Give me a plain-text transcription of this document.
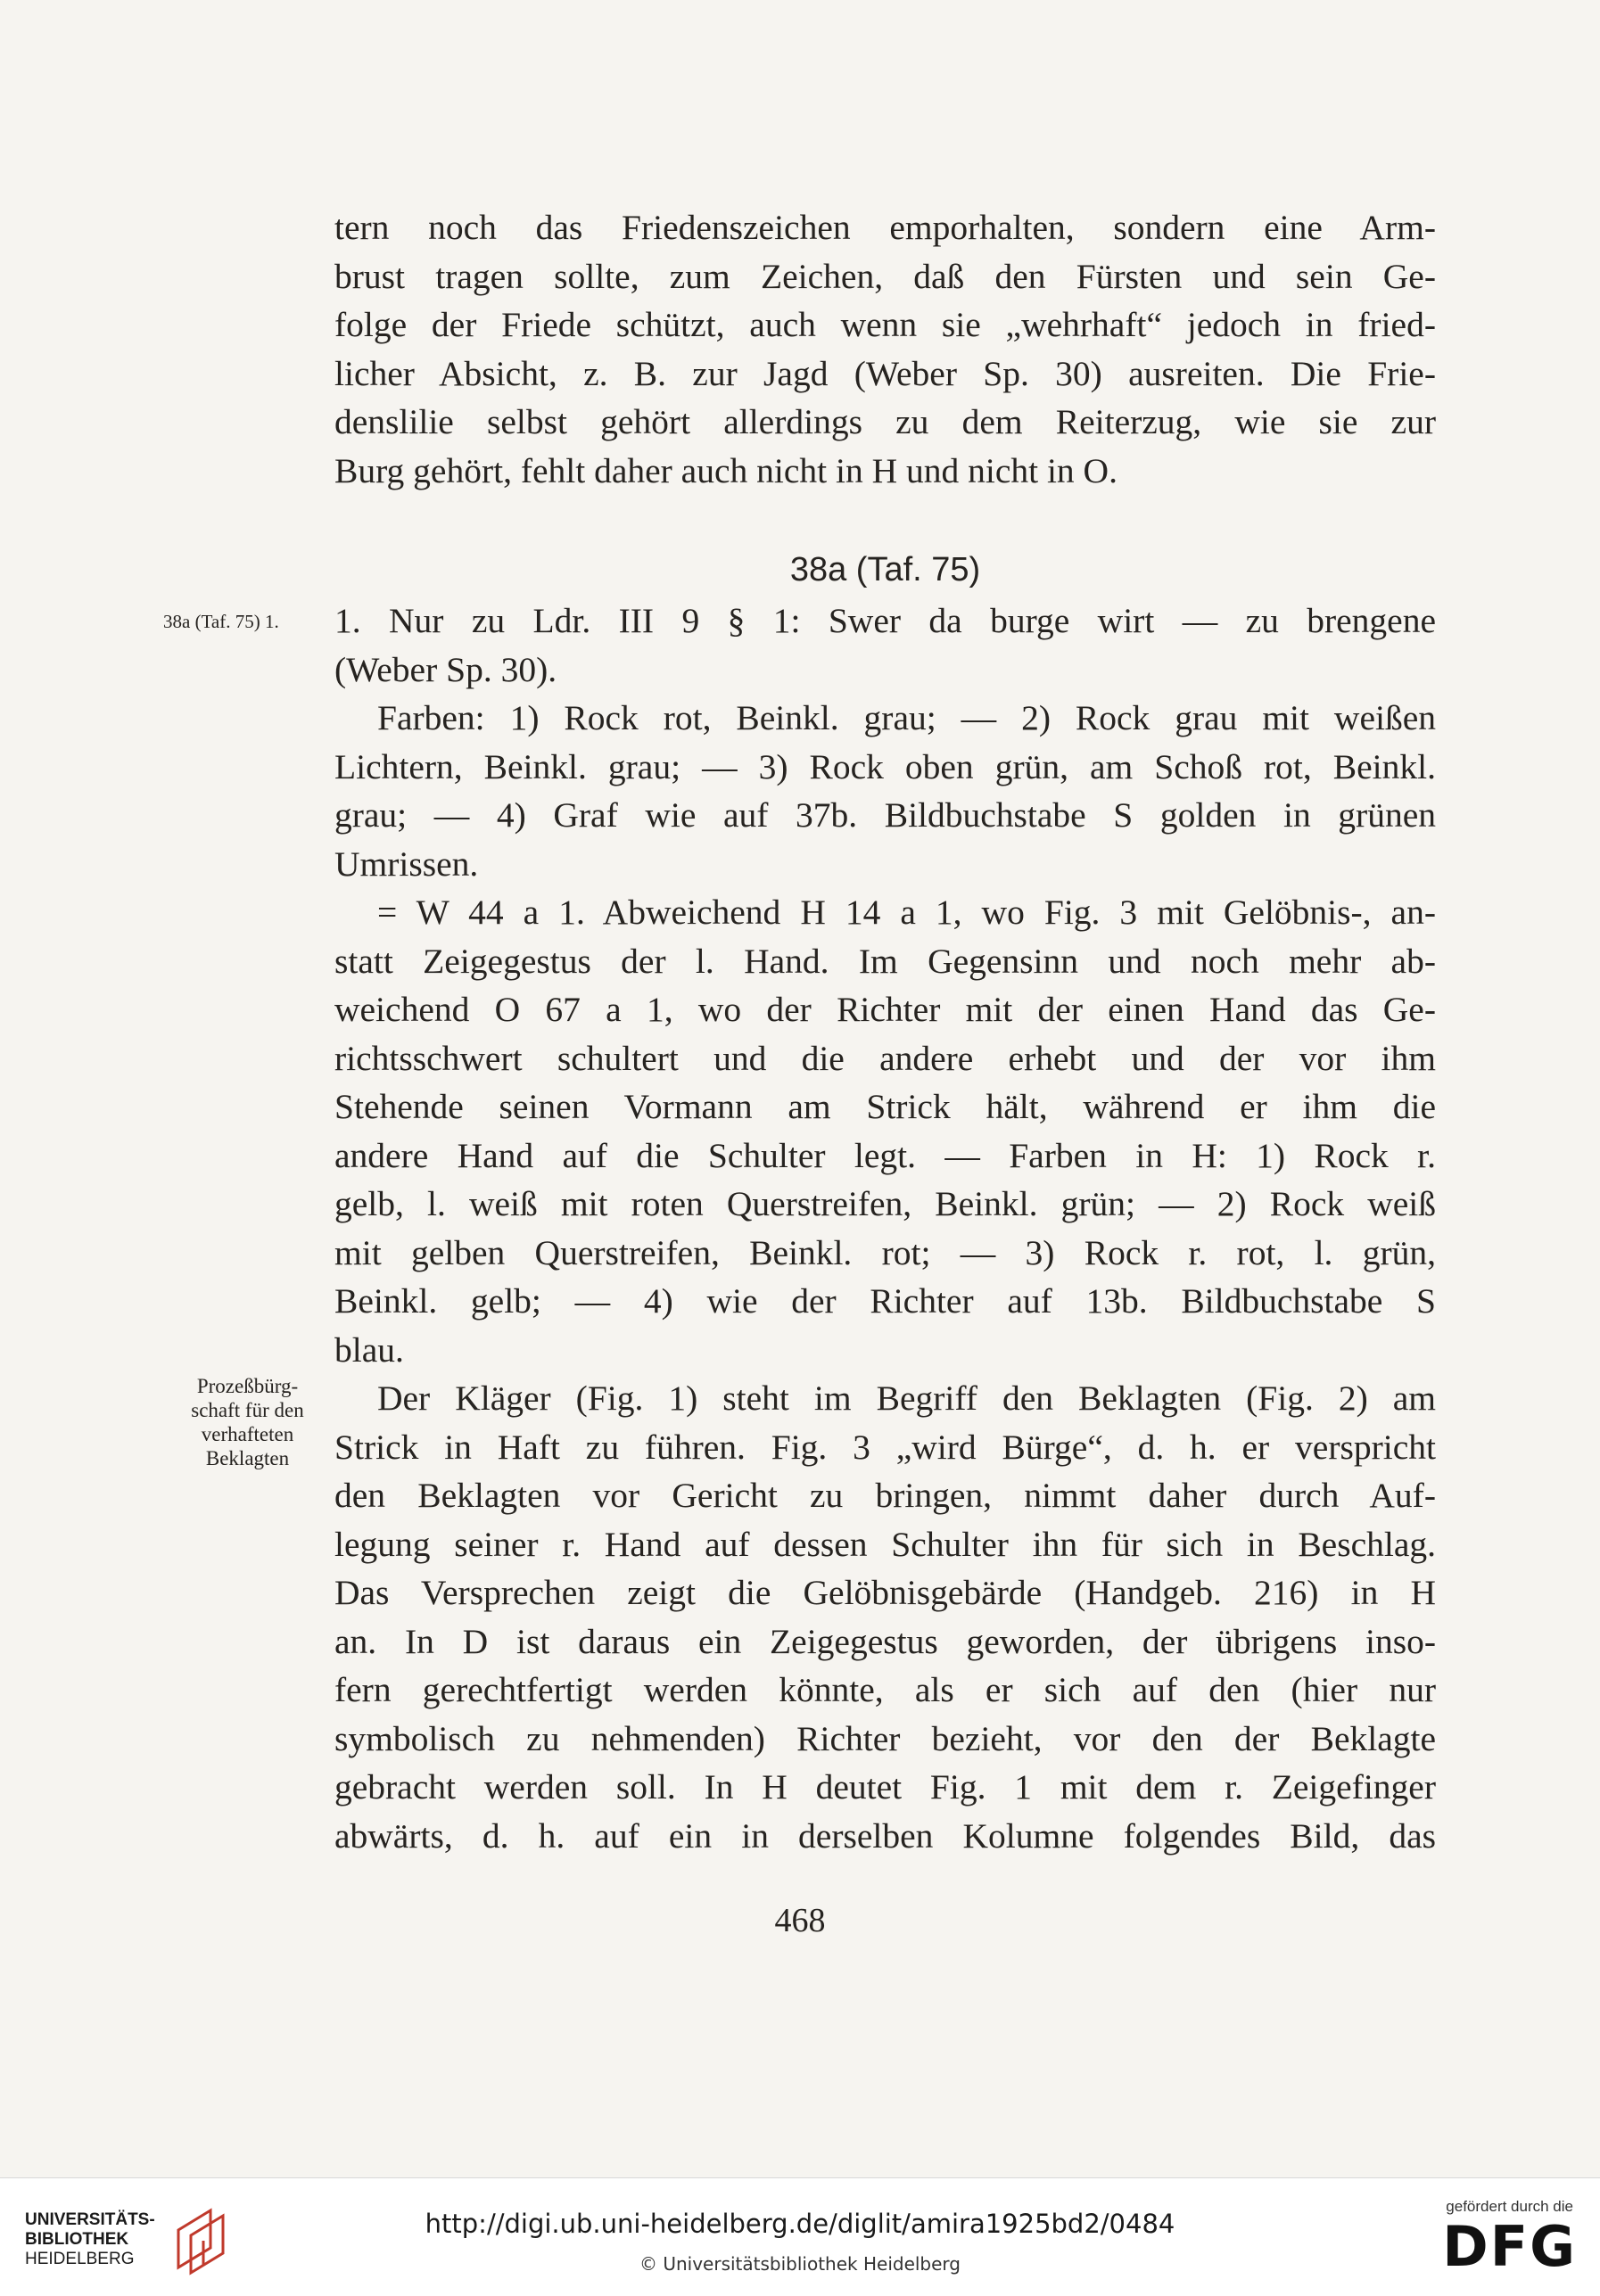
38a (Taf. 75) 1.
Prozeßbürg-
schaft für den
verhafteten
Beklagten
tern noch das Friedenszeichen emporhalten, sondern eine Arm-
brust tragen sollte, zum Zeichen, daß den Fürsten und sein Ge-
folge der Friede schützt, auch wenn sie „wehrhaft“ jedoch in fried-
licher Absicht, z. B. zur Jagd (Weber Sp. 30) ausreiten. Die Frie-
denslilie selbst gehört allerdings zu dem Reiterzug, wie sie zur
Burg gehört, fehlt daher auch nicht in H und nicht in O.
38a (Taf. 75)
1. Nur zu Ldr. III 9 § 1: Swer da burge wirt — zu brengene
(Weber Sp. 30).
Farben: 1) Rock rot, Beinkl. grau; — 2) Rock grau mit weißen
Lichtern, Beinkl. grau; — 3) Rock oben grün, am Schoß rot, Beinkl.
grau; — 4) Graf wie auf 37b. Bildbuchstabe S golden in grünen
Umrissen.
= W 44 a 1. Abweichend H 14 a 1, wo Fig. 3 mit Gelöbnis-, an-
statt Zeigegestus der l. Hand. Im Gegensinn und noch mehr ab-
weichend O 67 a 1, wo der Richter mit der einen Hand das Ge-
richtsschwert schultert und die andere erhebt und der vor ihm
Stehende seinen Vormann am Strick hält, während er ihm die
andere Hand auf die Schulter legt. — Farben in H: 1) Rock r.
gelb, l. weiß mit roten Querstreifen, Beinkl. grün; — 2) Rock weiß
mit gelben Querstreifen, Beinkl. rot; — 3) Rock r. rot, l. grün,
Beinkl. gelb; — 4) wie der Richter auf 13b. Bildbuchstabe S
blau.
Der Kläger (Fig. 1) steht im Begriff den Beklagten (Fig. 2) am
Strick in Haft zu führen. Fig. 3 „wird Bürge“, d. h. er verspricht
den Beklagten vor Gericht zu bringen, nimmt daher durch Auf-
legung seiner r. Hand auf dessen Schulter ihn für sich in Beschlag.
Das Versprechen zeigt die Gelöbnisgebärde (Handgeb. 216) in H
an. In D ist daraus ein Zeigegestus geworden, der übrigens inso-
fern gerechtfertigt werden könnte, als er sich auf den (hier nur
symbolisch zu nehmenden) Richter bezieht, vor den der Beklagte
gebracht werden soll. In H deutet Fig. 1 mit dem r. Zeigefinger
abwärts, d. h. auf ein in derselben Kolumne folgendes Bild, das
468
UNIVERSITÄTS-
BIBLIOTHEK
HEIDELBERG
http://digi.ub.uni-heidelberg.de/diglit/amira1925bd2/0484
© Universitätsbibliothek Heidelberg
gefördert durch die
DFG
